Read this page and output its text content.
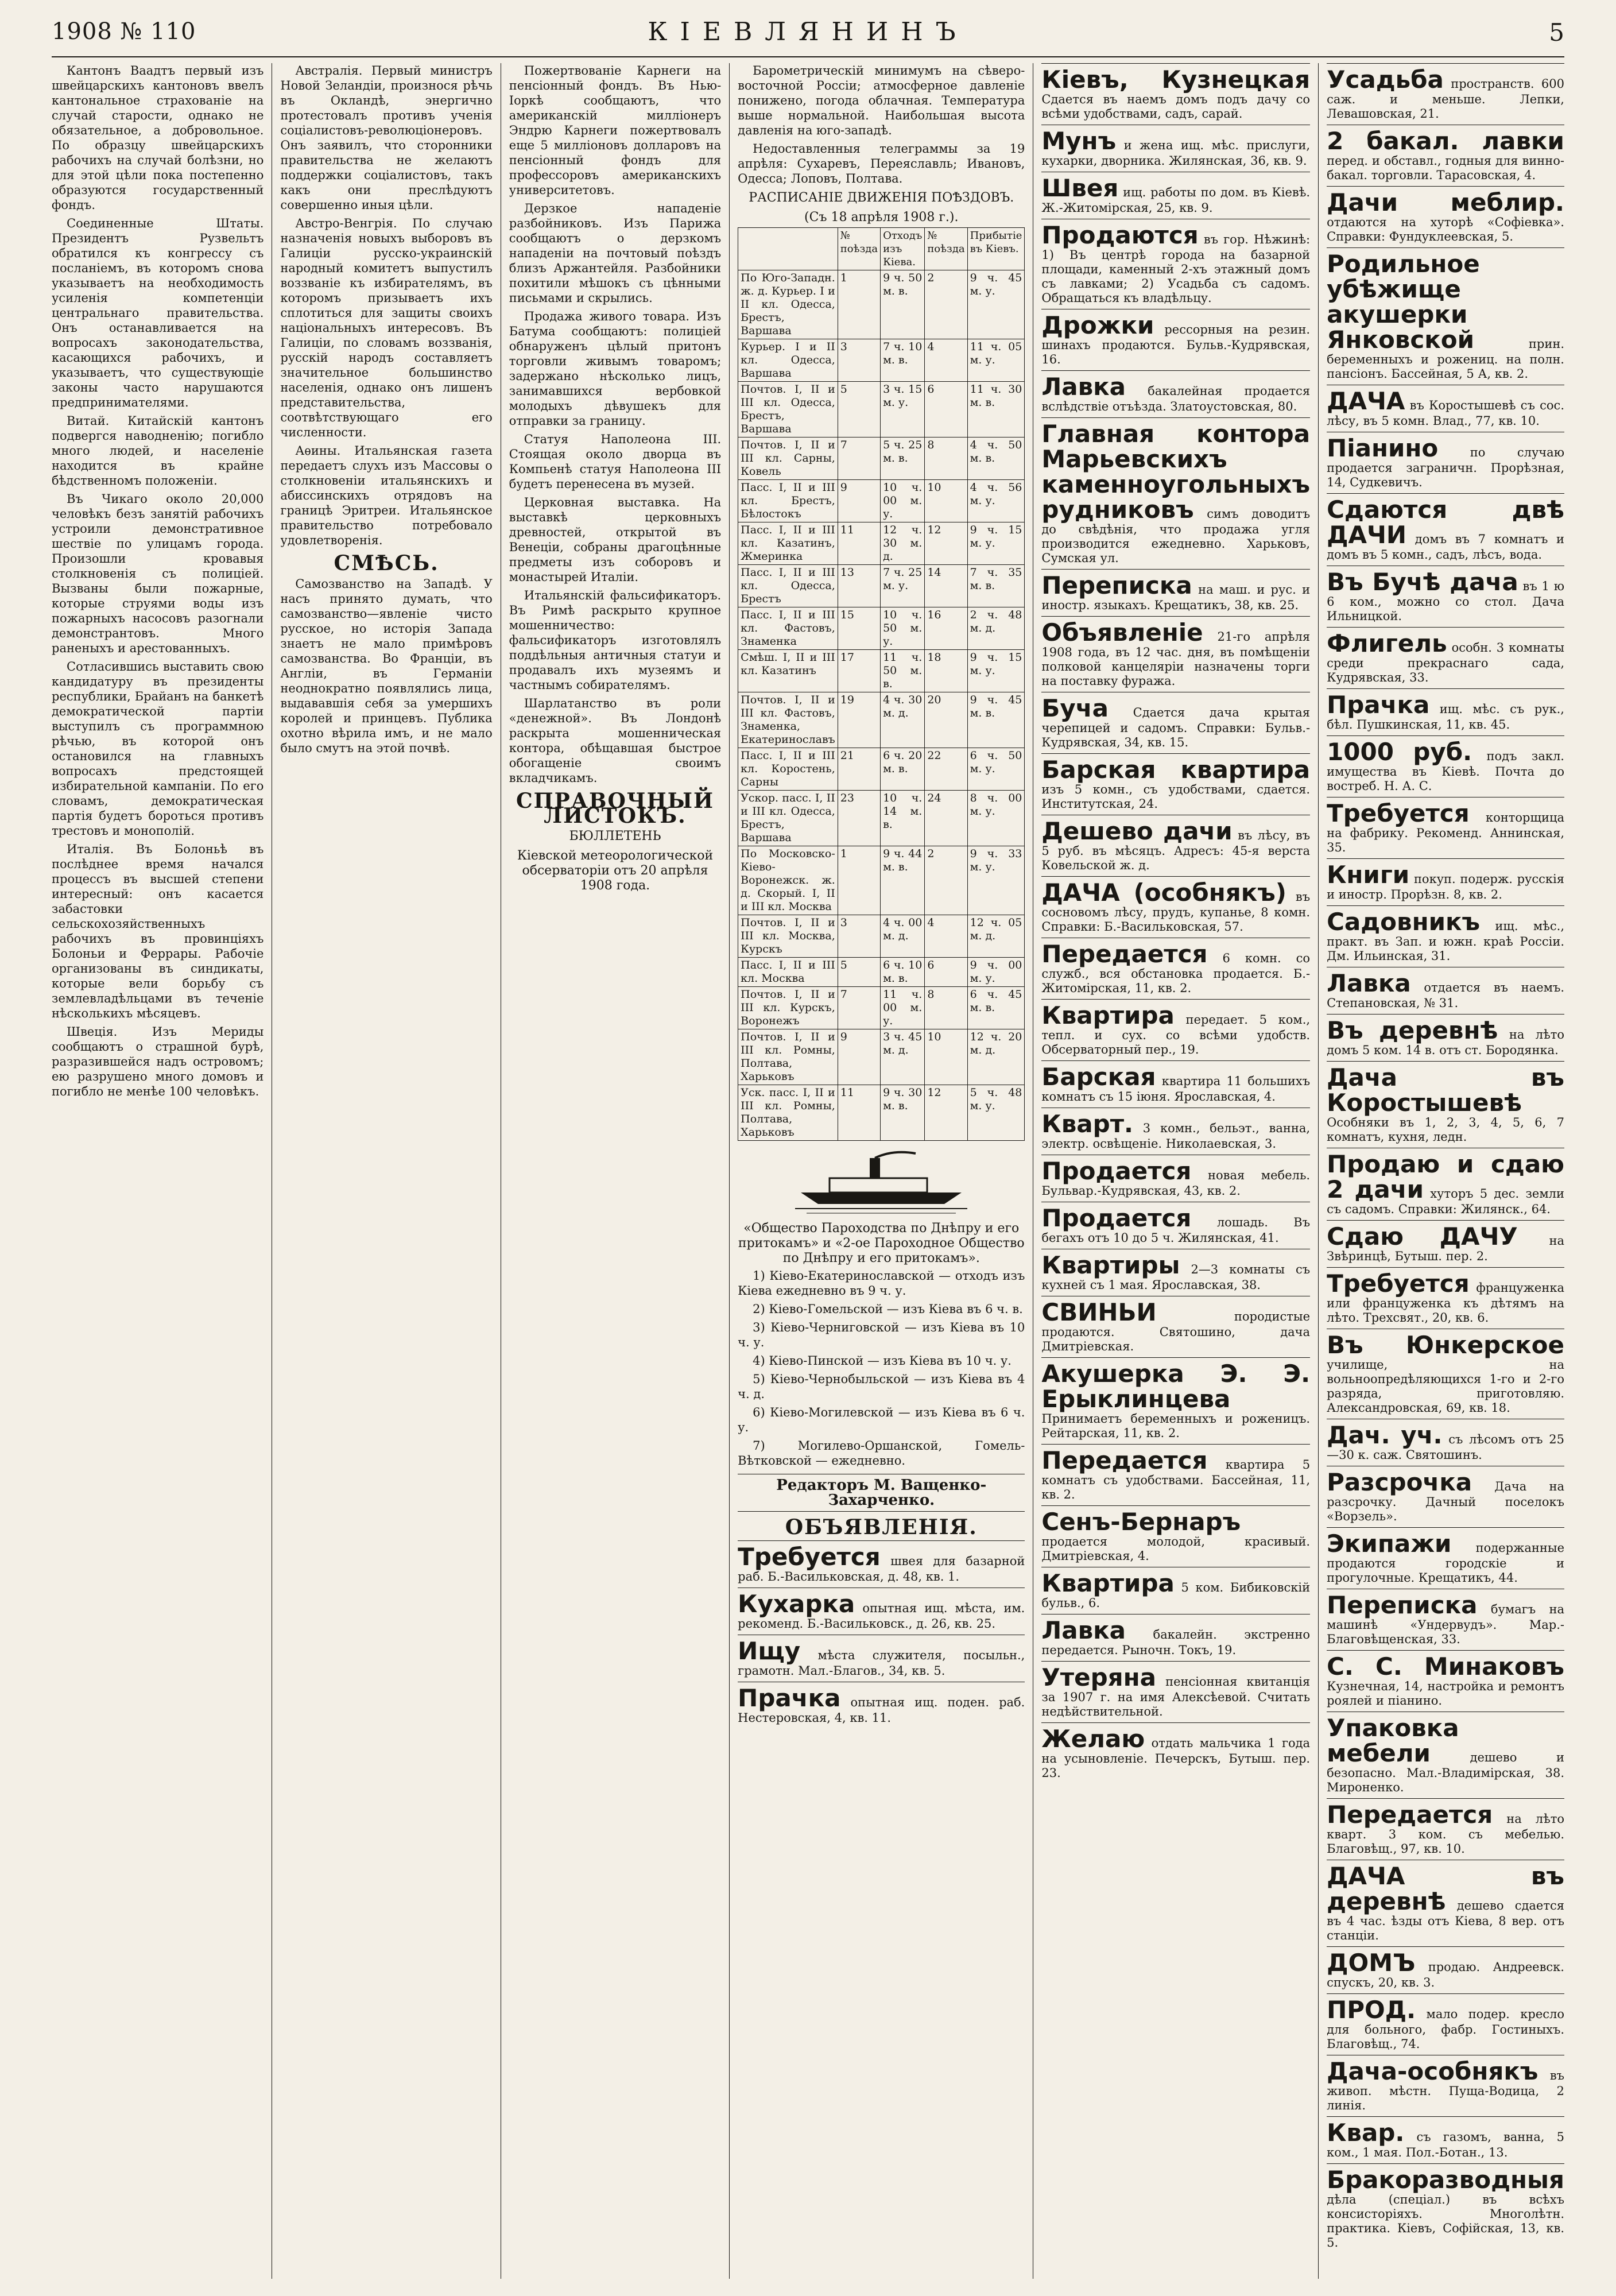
1908 № 110	КІЕВЛЯНИНЪ	5

Кантонъ Ваадтъ первый изъ швейцарскихъ кантоновъ ввелъ кантональное страхованіе на случай старости, однако не обязательное, а добровольное. По образцу швейцарскихъ рабочихъ на случай болѣзни, но для этой цѣли пока постепенно образуются государственный фондъ.

Соединенные Штаты. Президентъ Рузвельтъ обратился къ конгрессу съ посланіемъ, въ которомъ снова указываетъ на необходимость усиленія компетенціи центральнаго правительства. Онъ останавливается на вопросахъ законодательства, касающихся рабочихъ, и указываетъ, что существующіе законы часто нарушаются предпринимателями.

Витай. Китайскій кантонъ подвергся наводненію; погибло много людей, и населеніе находится въ крайне бѣдственномъ положеніи.

Въ Чикаго около 20,000 человѣкъ безъ занятій рабочихъ устроили демонстративное шествіе по улицамъ города. Произошли кровавыя столкновенія съ полиціей. Вызваны были пожарные, которые струями воды изъ пожарныхъ насосовъ разогнали демонстрантовъ. Много раненыхъ и арестованныхъ.

Сотласившись выставить свою кандидатуру въ президенты республики, Брайанъ на банкетѣ демократической партіи выступилъ съ программною рѣчью, въ которой онъ остановился на главныхъ вопросахъ предстоящей избирательной кампаніи. По его словамъ, демократическая партія будетъ бороться противъ трестовъ и монополій.

Италія. Въ Болоньѣ въ послѣднее время начался процессъ въ высшей степени интересный: онъ касается забастовки сельскохозяйственныхъ рабочихъ въ провинціяхъ Болоньи и Феррары. Рабочіе организованы въ синдикаты, которые вели борьбу съ землевладѣльцами въ теченіе нѣсколькихъ мѣсяцевъ.

Швеція. Изъ Мериды сообщаютъ о страшной бурѣ, разразившейся надъ островомъ; ею разрушено много домовъ и погибло не менѣе 100 человѣкъ.

Австралія. Первый министръ Новой Зеландіи, произнося рѣчь въ Окландѣ, энергично протестовалъ противъ ученія соціалистовъ-революціонеровъ. Онъ заявилъ, что сторонники правительства не желаютъ поддержки соціалистовъ, такъ какъ они преслѣдуютъ совершенно иныя цѣли.

Австро-Венгрія. По случаю назначенія новыхъ выборовъ въ Галиціи русско-украинскій народный комитетъ выпустилъ воззваніе къ избирателямъ, въ которомъ призываетъ ихъ сплотиться для защиты своихъ національныхъ интересовъ. Въ Галиціи, по словамъ воззванія, русскій народъ составляетъ значительное большинство населенія, однако онъ лишенъ представительства, соотвѣтствующаго его численности.

Аѳины. Итальянская газета передаетъ слухъ изъ Массовы о столкновеніи итальянскихъ и абиссинскихъ отрядовъ на границѣ Эритреи. Итальянское правительство потребовало удовлетворенія.

СМѢСЬ.

Самозванство на Западѣ. У насъ принято думать, что самозванство—явленіе чисто русское, но исторія Запада знаетъ не мало примѣровъ самозванства. Во Франціи, въ Англіи, въ Германіи неоднократно появлялись лица, выдававшія себя за умершихъ королей и принцевъ. Публика охотно вѣрила имъ, и не мало было смутъ на этой почвѣ.

Пожертвованіе Карнеги на пенсіонный фондъ. Въ Нью-Іоркѣ сообщаютъ, что американскій милліонеръ Эндрю Карнеги пожертвовалъ еще 5 милліоновъ долларовъ на пенсіонный фондъ для профессоровъ американскихъ университетовъ.

Дерзкое нападеніе разбойниковъ. Изъ Парижа сообщаютъ о дерзкомъ нападеніи на почтовый поѣздъ близъ Аржантейля. Разбойники похитили мѣшокъ съ цѣнными письмами и скрылись.

Продажа живого товара. Изъ Батума сообщаютъ: полиціей обнаруженъ цѣлый притонъ торговли живымъ товаромъ; задержано нѣсколько лицъ, занимавшихся вербовкой молодыхъ дѣвушекъ для отправки за границу.

Статуя Наполеона III. Стоящая около дворца въ Компьенѣ статуя Наполеона III будетъ перенесена въ музей.

Церковная выставка. На выставкѣ церковныхъ древностей, открытой въ Венеціи, собраны драгоцѣнные предметы изъ соборовъ и монастырей Италіи.

Итальянскій фальсификаторъ. Въ Римѣ раскрыто крупное мошенничество: фальсификаторъ изготовлялъ поддѣльныя античныя статуи и продавалъ ихъ музеямъ и частнымъ собирателямъ.

Шарлатанство въ роли «денежной». Въ Лондонѣ раскрыта мошенническая контора, обѣщавшая быстрое обогащеніе своимъ вкладчикамъ.

СПРАВОЧНЫЙ ЛИСТОКЪ.
БЮЛЛЕТЕНЬ
Кіевской метеорологической обсерваторіи отъ 20 апрѣля 1908 года.

Барометрическій минимумъ на сѣверо-восточной Россіи; атмосферное давленіе понижено, погода облачная. Температура выше нормальной. Наибольшая высота давленія на юго-западѣ.

Недоставленныя телеграммы за 19 апрѣля: Сухаревъ, Переяславль; Ивановъ, Одесса; Лоповъ, Полтава.

РАСПИСАНІЕ ДВИЖЕНІЯ ПОѢЗДОВЪ.
(Съ 18 апрѣля 1908 г.).
	№ поѣзда	Отходъ изъ Кіева.	№ поѣзда	Прибытіе въ Кіевъ.
По Юго-Западн. ж. д. Курьер. I и II кл. Одесса, Брестъ, Варшава	1	9 ч. 50 м. в.	2	9 ч. 45 м. у.
Курьер. I и II кл. Одесса, Варшава	3	7 ч. 10 м. в.	4	11 ч. 05 м. у.
Почтов. I, II и III кл. Одесса, Брестъ, Варшава	5	3 ч. 15 м. у.	6	11 ч. 30 м. в.
Почтов. I, II и III кл. Сарны, Ковель	7	5 ч. 25 м. в.	8	4 ч. 50 м. в.
Пасс. I, II и III кл. Брестъ, Бѣлостокъ	9	10 ч. 00 м. у.	10	4 ч. 56 м. у.
Пасс. I, II и III кл. Казатинъ, Жмеринка	11	12 ч. 30 м. д.	12	9 ч. 15 м. у.
Пасс. I, II и III кл. Одесса, Брестъ	13	7 ч. 25 м. у.	14	7 ч. 35 м. в.
Пасс. I, II и III кл. Фастовъ, Знаменка	15	10 ч. 50 м. у.	16	2 ч. 48 м. д.
Смѣш. I, II и III кл. Казатинъ	17	11 ч. 50 м. в.	18	9 ч. 15 м. у.
Почтов. I, II и III кл. Фастовъ, Знаменка, Екатеринославъ	19	4 ч. 30 м. д.	20	9 ч. 45 м. в.
Пасс. I, II и III кл. Коростень, Сарны	21	6 ч. 20 м. в.	22	6 ч. 50 м. у.
Ускор. пасс. I, II и III кл. Одесса, Брестъ, Варшава	23	10 ч. 14 м. в.	24	8 ч. 00 м. у.
По Московско-Кіево-Воронежск. ж. д. Скорый. I, II и III кл. Москва	1	9 ч. 44 м. в.	2	9 ч. 33 м. у.
Почтов. I, II и III кл. Москва, Курскъ	3	4 ч. 00 м. д.	4	12 ч. 05 м. д.
Пасс. I, II и III кл. Москва	5	6 ч. 10 м. в.	6	9 ч. 00 м. у.
Почтов. I, II и III кл. Курскъ, Воронежъ	7	11 ч. 00 м. у.	8	6 ч. 45 м. в.
Почтов. I, II и III кл. Ромны, Полтава, Харьковъ	9	3 ч. 45 м. д.	10	12 ч. 20 м. д.
Уск. пасс. I, II и III кл. Ромны, Полтава, Харьковъ	11	9 ч. 30 м. в.	12	5 ч. 48 м. у.
«Общество Пароходства по Днѣпру и его притокамъ» и «2-ое Пароходное Общество по Днѣпру и его притокамъ».

1) Кіево-Екатеринославской — отходъ изъ Кіева ежедневно въ 9 ч. у.

2) Кіево-Гомельской — изъ Кіева въ 6 ч. в.

3) Кіево-Черниговской — изъ Кіева въ 10 ч. у.

4) Кіево-Пинской — изъ Кіева въ 10 ч. у.

5) Кіево-Чернобыльской — изъ Кіева въ 4 ч. д.

6) Кіево-Могилевской — изъ Кіева въ 6 ч. у.

7) Могилево-Оршанской, Гомель-Вѣтковской — ежедневно.

Редакторъ М. Ващенко-Захарченко.
ОБЪЯВЛЕНІЯ.
Требуется швея для базарной раб. Б.-Васильковская, д. 48, кв. 1.
Кухарка опытная ищ. мѣста, им. рекоменд. Б.-Васильковск., д. 26, кв. 25.
Ищу мѣста служителя, посыльн., грамотн. Мал.-Благов., 34, кв. 5.
Прачка опытная ищ. поден. раб. Нестеровская, 4, кв. 11.
Кіевъ, Кузнецкая Сдается въ наемъ домъ подъ дачу со всѣми удобствами, садъ, сарай.
Мунъ и жена ищ. мѣс. прислуги, кухарки, дворника. Жилянская, 36, кв. 9.
Швея ищ. работы по дом. въ Кіевѣ. Ж.-Житомірская, 25, кв. 9.
Продаются въ гор. Нѣжинѣ: 1) Въ центрѣ города на базарной площади, каменный 2-хъ этажный домъ съ лавками; 2) Усадьба съ садомъ. Обращаться къ владѣльцу.
Дрожки рессорныя на резин. шинахъ продаются. Бульв.-Кудрявская, 16.
Лавка бакалейная продается вслѣдствіе отъѣзда. Златоустовская, 80.
Главная контора Марьевскихъ каменноугольныхъ рудниковъ симъ доводитъ до свѣдѣнія, что продажа угля производится ежедневно. Харьковъ, Сумская ул.
Переписка на маш. и рус. и иностр. языкахъ. Крещатикъ, 38, кв. 25.
Объявленіе 21-го апрѣля 1908 года, въ 12 час. дня, въ помѣщеніи полковой канцеляріи назначены торги на поставку фуража.
Буча Сдается дача крытая черепицей и садомъ. Справки: Бульв.-Кудрявская, 34, кв. 15.
Барская квартира изъ 5 комн., съ удобствами, сдается. Институтская, 24.
Дешево дачи въ лѣсу, въ 5 руб. въ мѣсяцъ. Адресъ: 45-я верста Ковельской ж. д.
ДАЧА (особнякъ) въ сосновомъ лѣсу, прудъ, купанье, 8 комн. Справки: Б.-Васильковская, 57.
Передается 6 комн. со служб., вся обстановка продается. Б.-Житомірская, 11, кв. 2.
Квартира передает. 5 ком., тепл. и сух. со всѣми удобств. Обсерваторный пер., 19.
Барская квартира 11 большихъ комнатъ съ 15 іюня. Ярославская, 4.
Кварт. 3 комн., бельэт., ванна, электр. освѣщеніе. Николаевская, 3.
Продается новая мебель. Бульвар.-Кудрявская, 43, кв. 2.
Продается лошадь. Въ бегахъ отъ 10 до 5 ч. Жилянская, 41.
Квартиры 2—3 комнаты съ кухней съ 1 мая. Ярославская, 38.
СВИНЬИ	породистые продаются. Святошино, дача Дмитріевская.
Акушерка Э. Э. Ерыклинцева Принимаетъ беременныхъ и роженицъ. Рейтарская, 11, кв. 2.
Передается квартира 5 комнатъ съ удобствами. Бассейная, 11, кв. 2.
Сенъ-Бернаръ продается молодой, красивый. Дмитріевская, 4.
Квартира 5 ком. Бибиковскій бульв., 6.
Лавка бакалейн. экстренно передается. Рыночн. Токъ, 19.
Утеряна пенсіонная квитанція за 1907 г. на имя Алексѣевой. Считать недѣйствительной.
Желаю отдать мальчика 1 года на усыновленіе. Печерскъ, Бутыш. пер. 23.
Усадьба пространств. 600 саж. и меньше. Лепки, Левашовская, 21.
2 бакал. лавки перед. и обставл., годныя для винно-бакал. торговли. Тарасовская, 4.
Дачи меблир. отдаются на хуторѣ «Софіевка». Справки: Фундуклеевская, 5.
Родильное убѣжище акушерки Янковской	прин. беременныхъ и рожениц. на полн. пансіонъ. Бассейная, 5 А, кв. 2.
ДАЧА въ Коростышевѣ съ сос. лѣсу, въ 5 комн. Влад., 77, кв. 10.
Піанино	по случаю продается заграничн. Прорѣзная, 14, Судкевичъ.
Сдаются двѣ ДАЧИ домъ въ 7 комнатъ и домъ въ 5 комн., садъ, лѣсъ, вода.
Въ Бучѣ дача въ 1 ю 6 ком., можно со стол. Дача Ильницкой.
Флигель особн. 3 комнаты среди прекраснаго сада, Кудрявская, 33.
Прачка ищ. мѣс. съ рук., бѣл. Пушкинская, 11, кв. 45.
1000 руб. подъ закл. имущества въ Кіевѣ. Почта до востреб. Н. А. С.
Требуется конторщица на фабрику. Рекоменд. Аннинская, 35.
Книги покуп. подерж. русскія и иностр. Прорѣзн. 8, кв. 2.
Садовникъ ищ. мѣс., практ. въ Зап. и южн. краѣ Россіи. Дм. Ильинская, 31.
Лавка отдается въ наемъ. Степановская, № 31.
Въ деревнѣ на лѣто домъ 5 ком. 14 в. отъ ст. Бородянка.
Дача въ Коростышевѣ Особняки въ 1, 2, 3, 4, 5, 6, 7 комнатъ, кухня, ледн.
Продаю и сдаю 2 дачи хуторъ 5 дес. земли съ садомъ. Справки: Жилянск., 64.
Сдаю ДАЧУ	на Звѣринцѣ, Бутыш. пер. 2.
Требуется француженка или француженка къ дѣтямъ на лѣто. Трехсвят., 20, кв. 6.
Въ Юнкерское училище, на вольноопредѣляющихся 1-го и 2-го разряда, приготовляю. Александровская, 69, кв. 18.
Дач. уч. съ лѣсомъ отъ 25—30 к. саж. Святошинъ.
Разсрочка Дача на разсрочку. Дачный поселокъ «Ворзель».
Экипажи подержанные продаются городскіе и прогулочные. Крещатикъ, 44.
Переписка бумагъ на машинѣ «Ундервудъ». Мар.-Благовѣщенская, 33.
С. С. Минаковъ Кузнечная, 14, настройка и ремонтъ роялей и піанино.
Упаковка мебели	дешево и безопасно. Мал.-Владимірская, 38. Мироненко.
Передается на лѣто кварт. 3 ком. съ мебелью. Благовѣщ., 97, кв. 10.
ДАЧА въ деревнѣ дешево сдается въ 4 час. ѣзды отъ Кіева, 8 вер. отъ станціи.
ДОМЪ продаю. Андреевск. спускъ, 20, кв. 3.
ПРОД. мало подер. кресло для больного, фабр. Гостиныхъ. Благовѣщ., 74.
Дача-особнякъ въ живоп. мѣстн. Пуща-Водица, 2 линія.
Квар. съ газомъ, ванна, 5 ком., 1 мая. Пол.-Ботан., 13.
Бракоразводныя дѣла (спеціал.) въ всѣхъ консисторіяхъ. Многолѣтн. практика. Кіевъ, Софійская, 13, кв. 5.
